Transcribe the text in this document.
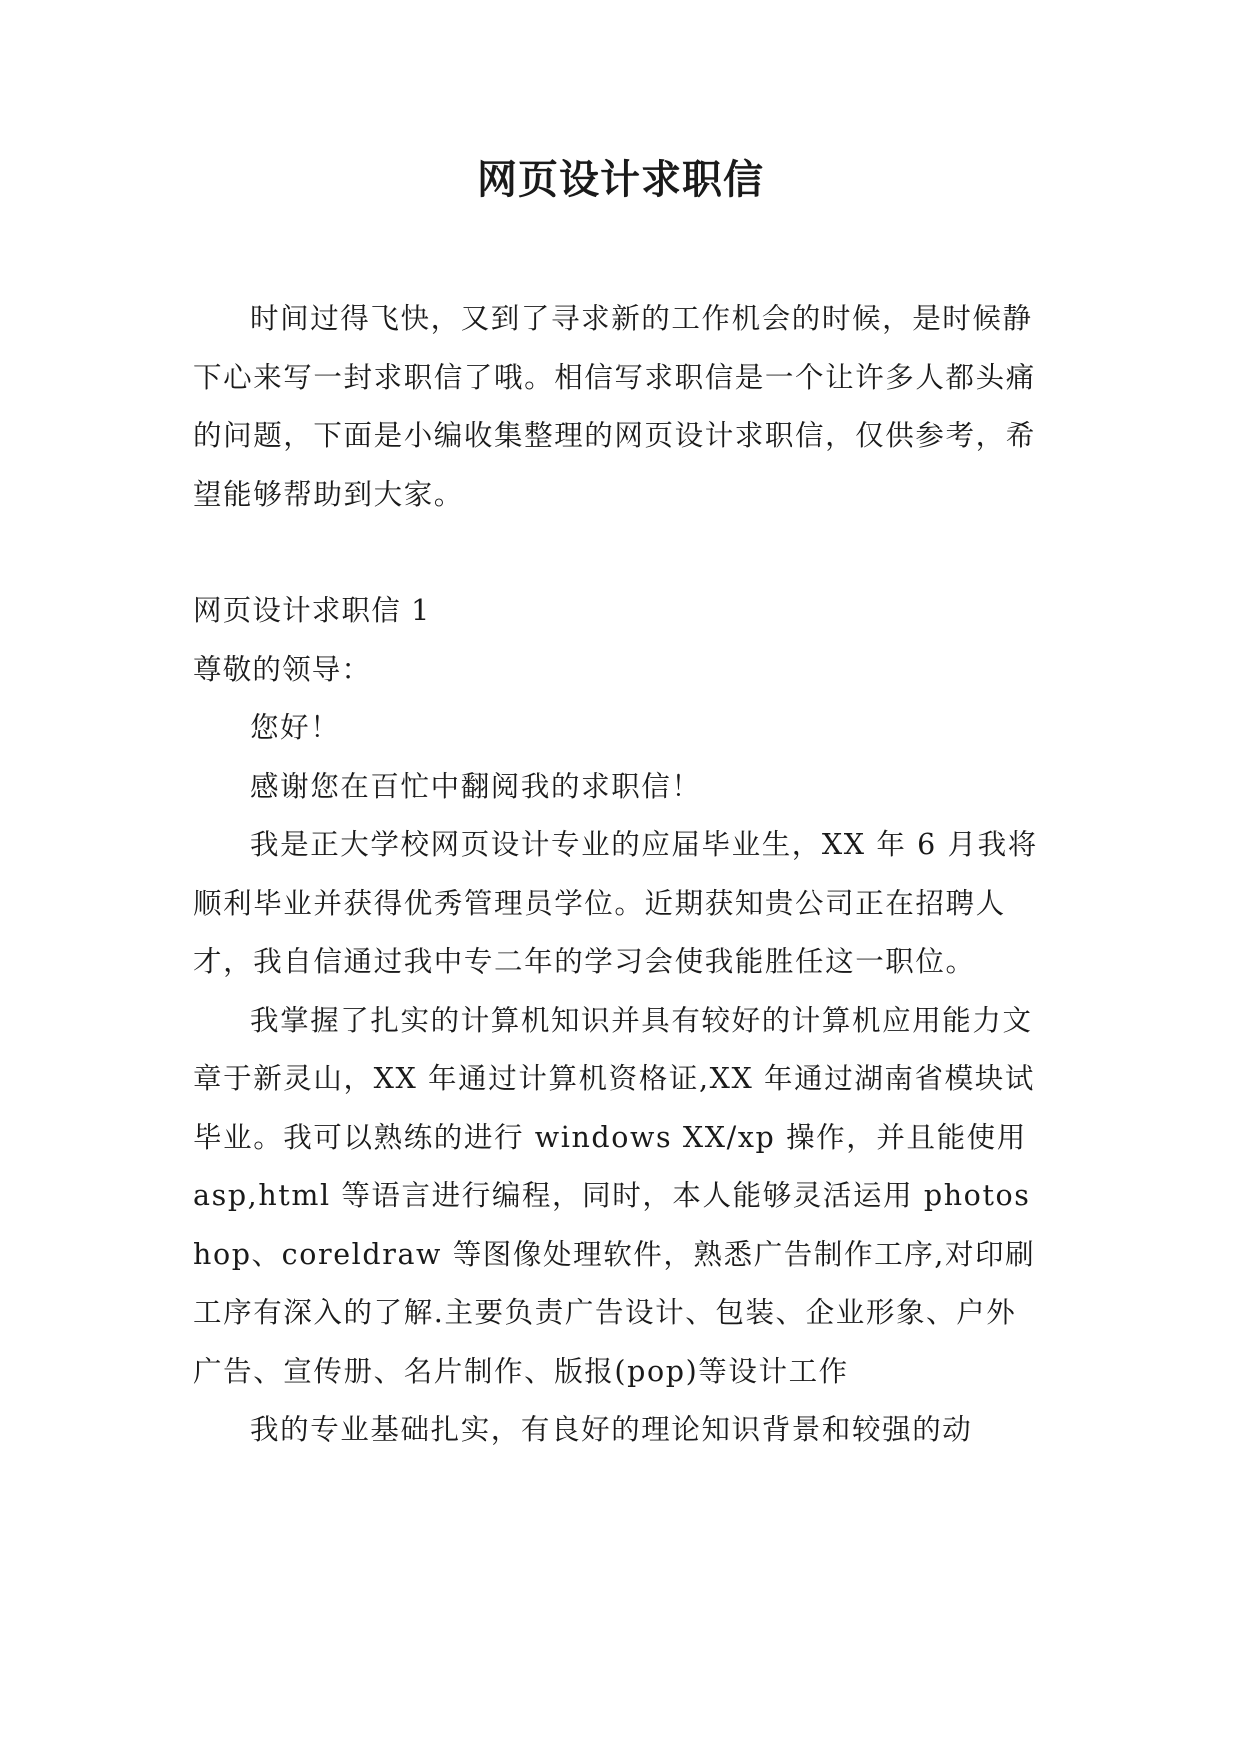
网页设计求职信

时间过得飞快，又到了寻求新的工作机会的时候，是时候静下心来写一封求职信了哦。相信写求职信是一个让许多人都头痛的问题，下面是小编收集整理的网页设计求职信，仅供参考，希望能够帮助到大家。

网页设计求职信 1

尊敬的领导：

您好！

感谢您在百忙中翻阅我的求职信！

我是正大学校网页设计专业的应届毕业生，XX 年 6 月我将顺利毕业并获得优秀管理员学位。近期获知贵公司正在招聘人才，我自信通过我中专二年的学习会使我能胜任这一职位。

我掌握了扎实的计算机知识并具有较好的计算机应用能力文章于新灵山，XX 年通过计算机资格证,XX 年通过湖南省模块试毕业。我可以熟练的进行 windows XX/xp 操作，并且能使用 asp,html 等语言进行编程，同时，本人能够灵活运用 photoshop、coreldraw 等图像处理软件，熟悉广告制作工序,对印刷工序有深入的了解.主要负责广告设计、包装、企业形象、户外广告、宣传册、名片制作、版报(pop)等设计工作

我的专业基础扎实，有良好的理论知识背景和较强的动
